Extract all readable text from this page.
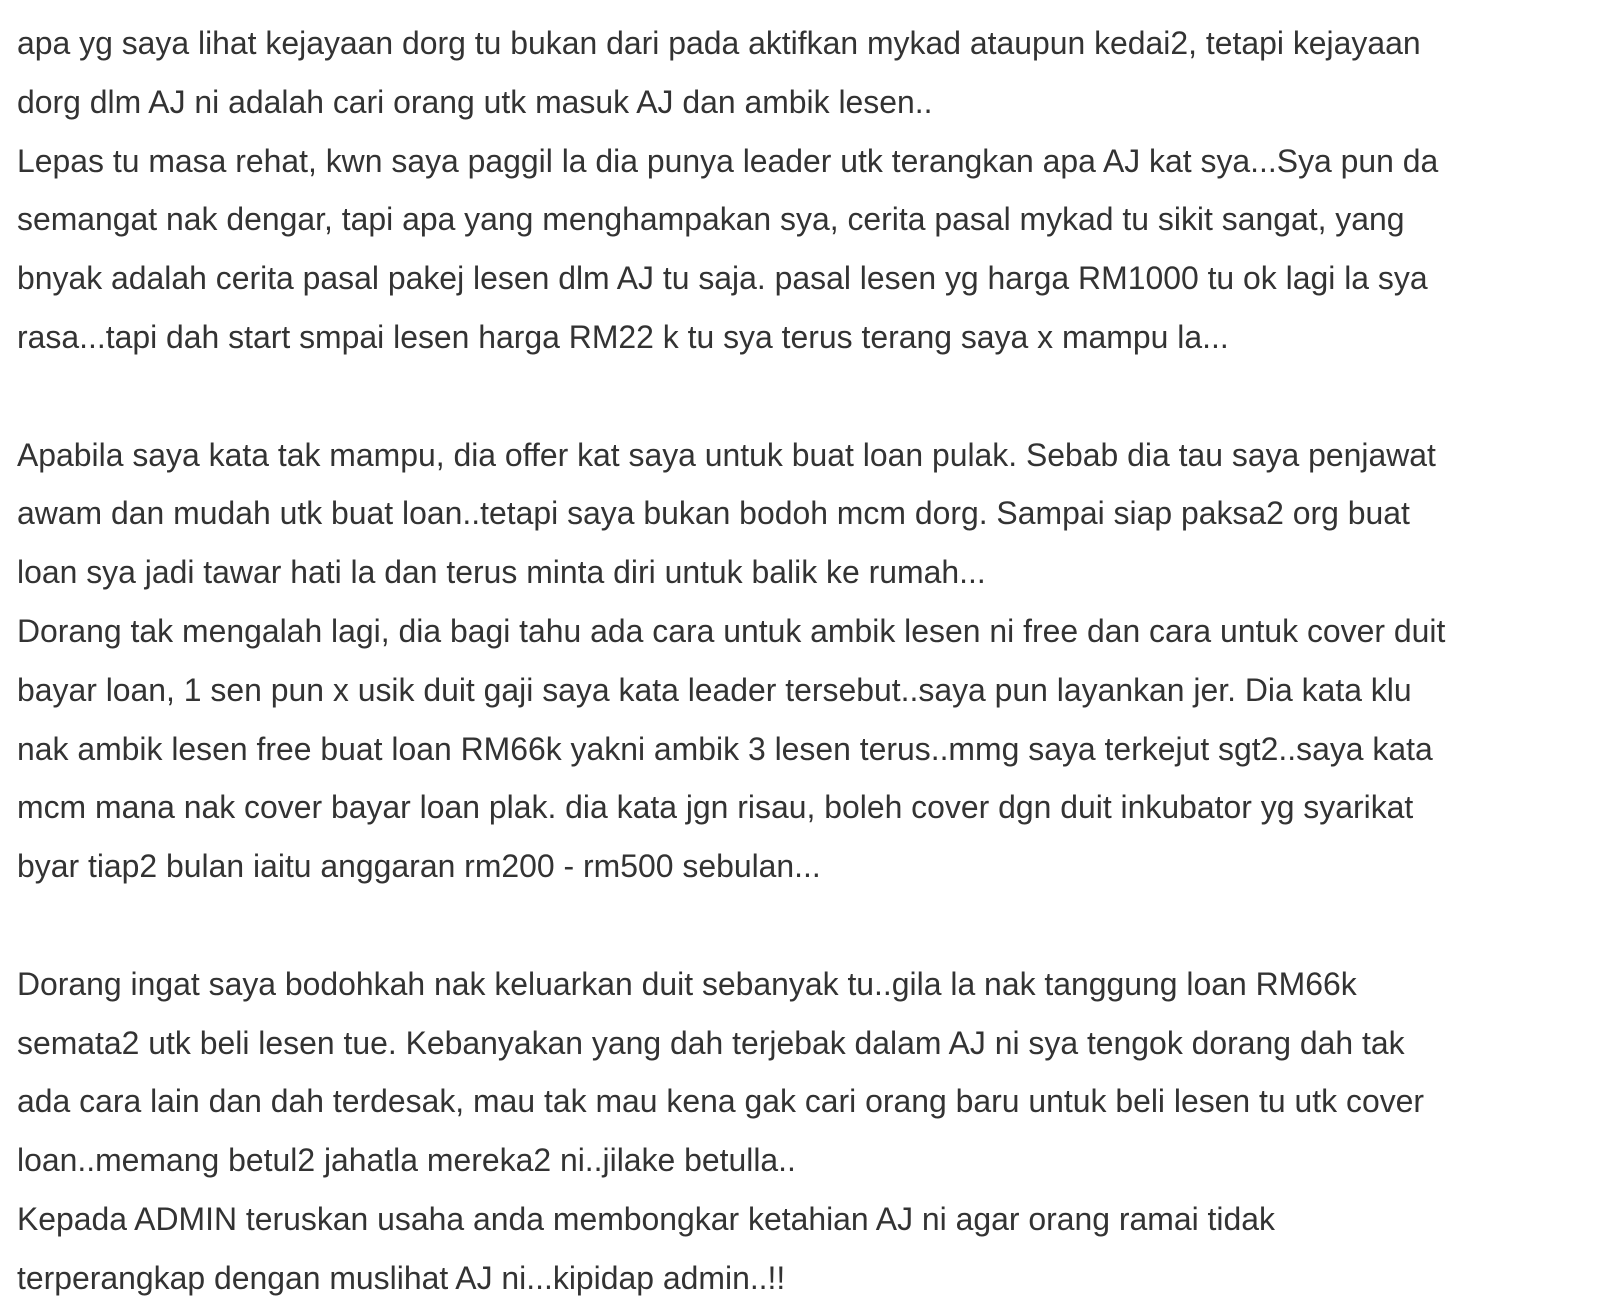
apa yg saya lihat kejayaan dorg tu bukan dari pada aktifkan mykad ataupun kedai2, tetapi kejayaan
dorg dlm AJ ni adalah cari orang utk masuk AJ dan ambik lesen..
Lepas tu masa rehat, kwn saya paggil la dia punya leader utk terangkan apa AJ kat sya...Sya pun da
semangat nak dengar, tapi apa yang menghampakan sya, cerita pasal mykad tu sikit sangat, yang
bnyak adalah cerita pasal pakej lesen dlm AJ tu saja. pasal lesen yg harga RM1000 tu ok lagi la sya
rasa...tapi dah start smpai lesen harga RM22 k tu sya terus terang saya x mampu la...
Apabila saya kata tak mampu, dia offer kat saya untuk buat loan pulak. Sebab dia tau saya penjawat
awam dan mudah utk buat loan..tetapi saya bukan bodoh mcm dorg. Sampai siap paksa2 org buat
loan sya jadi tawar hati la dan terus minta diri untuk balik ke rumah...
Dorang tak mengalah lagi, dia bagi tahu ada cara untuk ambik lesen ni free dan cara untuk cover duit
bayar loan, 1 sen pun x usik duit gaji saya kata leader tersebut..saya pun layankan jer. Dia kata klu
nak ambik lesen free buat loan RM66k yakni ambik 3 lesen terus..mmg saya terkejut sgt2..saya kata
mcm mana nak cover bayar loan plak. dia kata jgn risau, boleh cover dgn duit inkubator yg syarikat
byar tiap2 bulan iaitu anggaran rm200 - rm500 sebulan...
Dorang ingat saya bodohkah nak keluarkan duit sebanyak tu..gila la nak tanggung loan RM66k
semata2 utk beli lesen tue. Kebanyakan yang dah terjebak dalam AJ ni sya tengok dorang dah tak
ada cara lain dan dah terdesak, mau tak mau kena gak cari orang baru untuk beli lesen tu utk cover
loan..memang betul2 jahatla mereka2 ni..jilake betulla..
Kepada ADMIN teruskan usaha anda membongkar ketahian AJ ni agar orang ramai tidak
terperangkap dengan muslihat AJ ni...kipidap admin..!!
